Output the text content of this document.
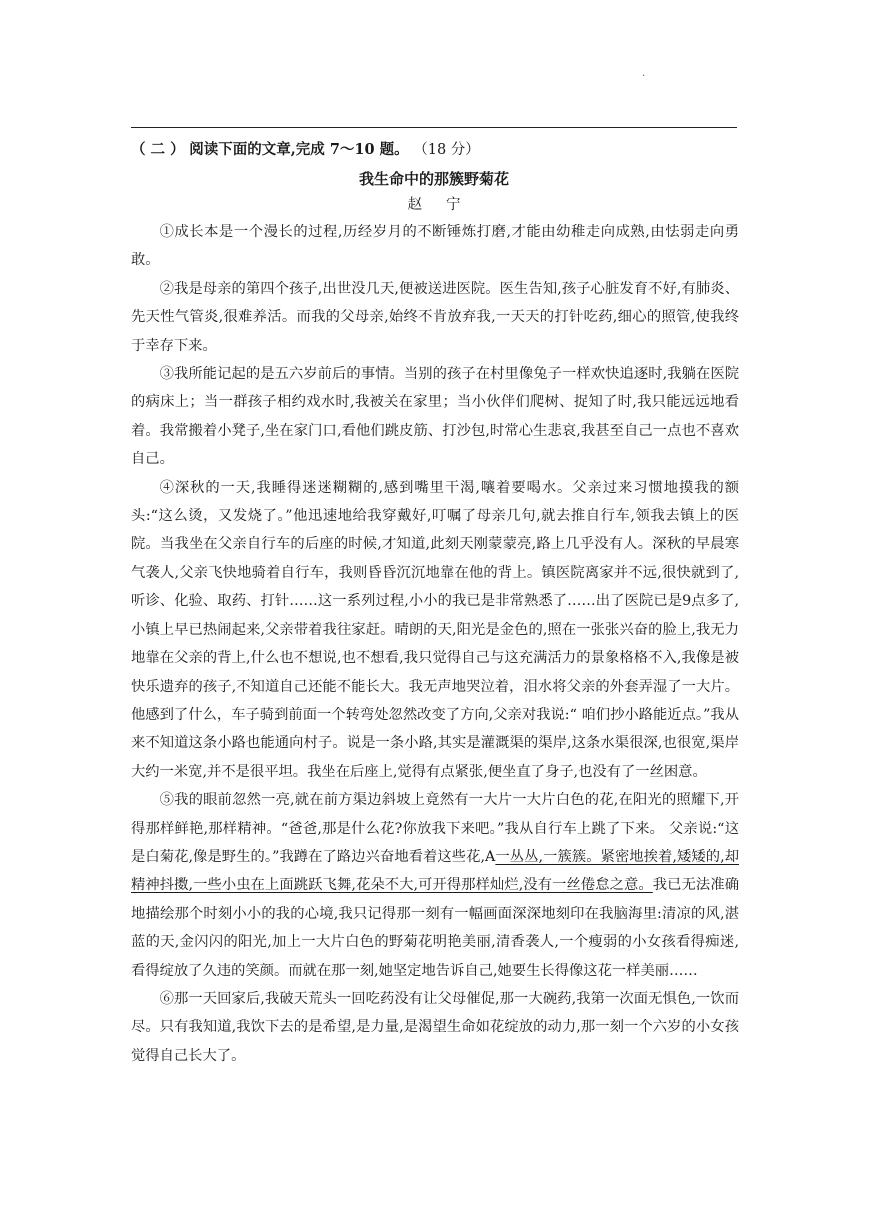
.
（ 二 ） 阅读下面的文章,完成 7～10 题。 （18 分）
我生命中的那簇野菊花
赵宁

①成长本是一个漫长的过程,历经岁月的不断锤炼打磨,才能由幼稚走向成熟,由怯弱走向勇敢。

②我是母亲的第四个孩子,出世没几天,便被送进医院。医生告知,孩子心脏发育不好,有肺炎、先天性气管炎,很难养活。而我的父母亲,始终不肯放弃我,一天天的打针吃药,细心的照管,使我终于幸存下来。

③我所能记起的是五六岁前后的事情。当别的孩子在村里像兔子一样欢快追逐时,我躺在医院的病床上；当一群孩子相约戏水时,我被关在家里；当小伙伴们爬树、捉知了时,我只能远远地看着。我常搬着小凳子,坐在家门口,看他们跳皮筋、打沙包,时常心生悲哀,我甚至自己一点也不喜欢自己。

④深秋的一天,我睡得迷迷糊糊的,感到嘴里干渴,嚷着要喝水。父亲过来习惯地摸我的额头:“这么烫，又发烧了。”他迅速地给我穿戴好,叮嘱了母亲几句,就去推自行车,领我去镇上的医院。当我坐在父亲自行车的后座的时候,才知道,此刻天刚蒙蒙亮,路上几乎没有人。深秋的早晨寒气袭人,父亲飞快地骑着自行车，我则昏昏沉沉地靠在他的背上。镇医院离家并不远,很快就到了,听诊、化验、取药、打针……这一系列过程,小小的我已是非常熟悉了……出了医院已是9点多了,小镇上早已热闹起来,父亲带着我往家赶。晴朗的天,阳光是金色的,照在一张张兴奋的脸上,我无力地靠在父亲的背上,什么也不想说,也不想看,我只觉得自己与这充满活力的景象格格不入,我像是被快乐遗弃的孩子,不知道自己还能不能长大。我无声地哭泣着，泪水将父亲的外套弄湿了一大片。他感到了什么，车子骑到前面一个转弯处忽然改变了方向,父亲对我说:“ 咱们抄小路能近点。”我从来不知道这条小路也能通向村子。说是一条小路,其实是灌溉渠的渠岸,这条水渠很深,也很宽,渠岸大约一米宽,并不是很平坦。我坐在后座上,觉得有点紧张,便坐直了身子,也没有了一丝困意。

⑤我的眼前忽然一亮,就在前方渠边斜坡上竟然有一大片一大片白色的花,在阳光的照耀下,开得那样鲜艳,那样精神。“爸爸,那是什么花?你放我下来吧。”我从自行车上跳了下来。 父亲说:“这是白菊花,像是野生的。”我蹲在了路边兴奋地看着这些花,A一丛丛,一簇簇。紧密地挨着,矮矮的,却精神抖擞,一些小虫在上面跳跃飞舞,花朵不大,可开得那样灿烂,没有一丝倦怠之意。我已无法准确地描绘那个时刻小小的我的心境,我只记得那一刻有一幅画面深深地刻印在我脑海里:清凉的风,湛蓝的天,金闪闪的阳光,加上一大片白色的野菊花明艳美丽,清香袭人,一个瘦弱的小女孩看得痴迷,看得绽放了久违的笑颜。而就在那一刻,她坚定地告诉自己,她要生长得像这花一样美丽……

⑥那一天回家后,我破天荒头一回吃药没有让父母催促,那一大碗药,我第一次面无惧色,一饮而尽。只有我知道,我饮下去的是希望,是力量,是渴望生命如花绽放的动力,那一刻一个六岁的小女孩觉得自己长大了。
